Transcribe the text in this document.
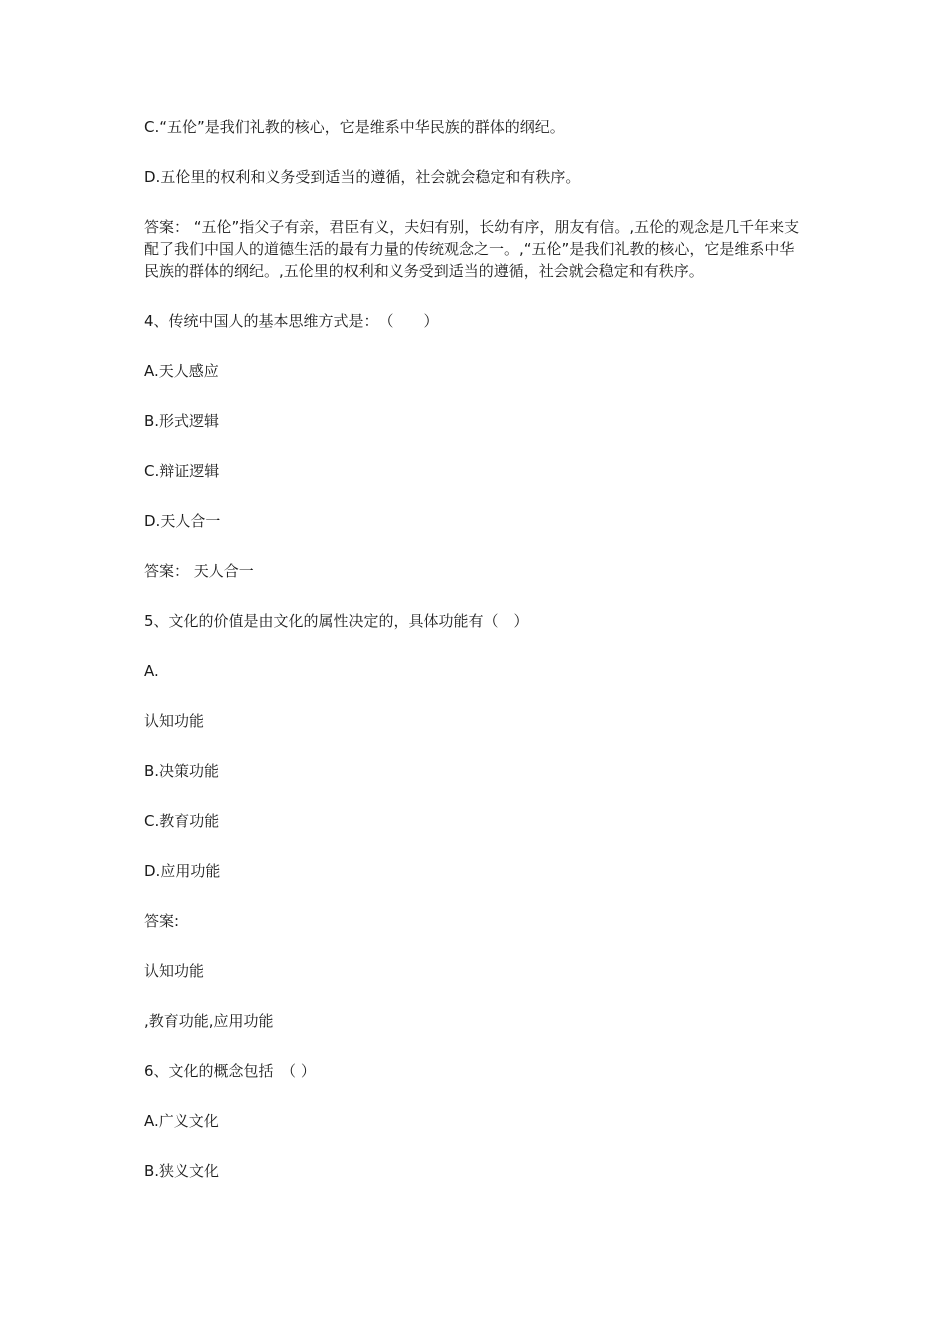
C.“五伦”是我们礼教的核心，它是维系中华民族的群体的纲纪。

D.五伦里的权利和义务受到适当的遵循，社会就会稳定和有秩序。

答案： “五伦”指父子有亲，君臣有义，夫妇有别，长幼有序，朋友有信。,五伦的观念是几千年来支配了我们中国人的道德生活的最有力量的传统观念之一。,“五伦”是我们礼教的核心，它是维系中华民族的群体的纲纪。,五伦里的权利和义务受到适当的遵循，社会就会稳定和有秩序。

4、传统中国人的基本思维方式是：　（　　）

A.天人感应

B.形式逻辑

C.辩证逻辑

D.天人合一

答案： 天人合一

5、文化的价值是由文化的属性决定的，具体功能有（　）

A.

认知功能

B.决策功能

C.教育功能

D.应用功能

答案:

认知功能

,教育功能,应用功能

6、文化的概念包括　（ ）

A.广义文化

B.狭义文化
